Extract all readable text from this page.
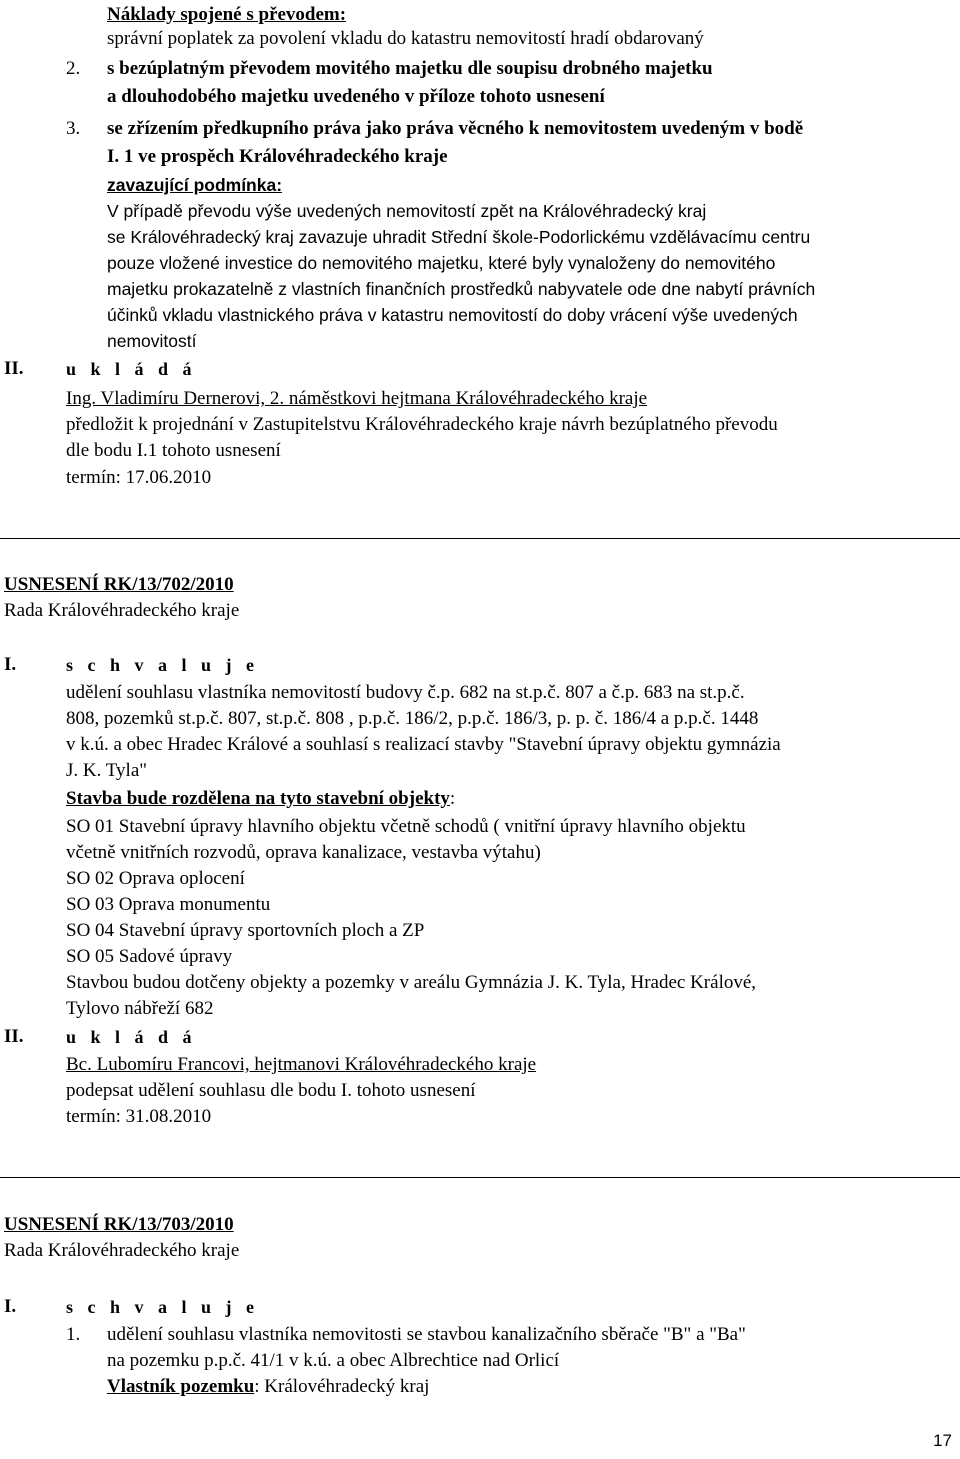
Náklady spojené s převodem:
správní poplatek za povolení vkladu do katastru nemovitostí hradí obdarovaný
2. s bezúplatným převodem movitého majetku dle soupisu drobného majetku
a dlouhodobého majetku uvedeného v příloze tohoto usnesení
3. se zřízením předkupního práva jako práva věcného k nemovitostem uvedeným v bodě
I. 1 ve prospěch Královéhradeckého kraje
zavazující podmínka:
V případě převodu výše uvedených nemovitostí zpět na Královéhradecký kraj
se Královéhradecký kraj zavazuje uhradit Střední škole-Podorlickému vzdělávacímu centru
pouze vložené investice do nemovitého majetku, které byly vynaloženy do nemovitého
majetku prokazatelně z vlastních finančních prostředků nabyvatele ode dne nabytí právních
účinků vkladu vlastnického práva v katastru nemovitostí do doby vrácení výše uvedených
nemovitostí
II. u k l á d á
Ing. Vladimíru Dernerovi, 2. náměstkovi hejtmana Královéhradeckého kraje
předložit k projednání v Zastupitelstvu Královéhradeckého kraje návrh bezúplatného převodu
dle bodu I.1 tohoto usnesení
termín: 17.06.2010
USNESENÍ RK/13/702/2010
Rada Královéhradeckého kraje
I.	s c h v a l u j e
udělení souhlasu vlastníka nemovitostí budovy č.p. 682 na st.p.č. 807 a č.p. 683 na st.p.č.
808, pozemků st.p.č. 807, st.p.č. 808 , p.p.č. 186/2, p.p.č. 186/3, p. p. č. 186/4 a p.p.č. 1448
v k.ú. a obec Hradec Králové a souhlasí s realizací stavby "Stavební úpravy objektu gymnázia
J. K. Tyla"
Stavba bude rozdělena na tyto stavební objekty:
SO 01 Stavební úpravy hlavního objektu včetně schodů ( vnitřní úpravy hlavního objektu
včetně vnitřních rozvodů, oprava kanalizace, vestavba výtahu)
SO 02 Oprava oplocení
SO 03 Oprava monumentu
SO 04 Stavební úpravy sportovních ploch a ZP
SO 05 Sadové úpravy
Stavbou budou dotčeny objekty a pozemky v areálu Gymnázia J. K. Tyla, Hradec Králové,
Tylovo nábřeží 682
II. u k l á d á
Bc. Lubomíru Francovi, hejtmanovi Královéhradeckého kraje
podepsat udělení souhlasu dle bodu I. tohoto usnesení
termín: 31.08.2010
USNESENÍ RK/13/703/2010
Rada Královéhradeckého kraje
I.	s c h v a l u j e
1. udělení souhlasu vlastníka nemovitosti se stavbou kanalizačního sběrače "B" a "Ba"
na pozemku p.p.č. 41/1 v k.ú. a obec Albrechtice nad Orlicí
Vlastník pozemku: Královéhradecký kraj
17
